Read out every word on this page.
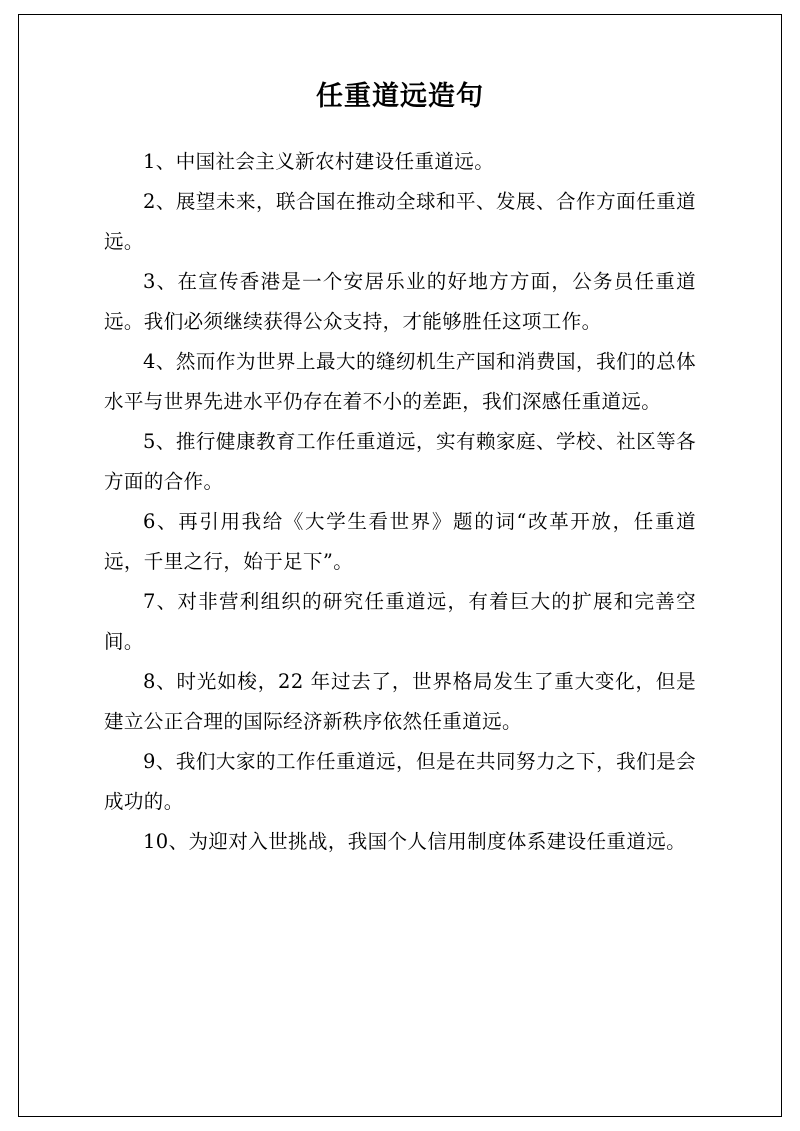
任重道远造句

1、中国社会主义新农村建设任重道远。

2、展望未来，联合国在推动全球和平、发展、合作方面任重道远。

3、在宣传香港是一个安居乐业的好地方方面，公务员任重道远。我们必须继续获得公众支持，才能够胜任这项工作。

4、然而作为世界上最大的缝纫机生产国和消费国，我们的总体水平与世界先进水平仍存在着不小的差距，我们深感任重道远。

5、推行健康教育工作任重道远，实有赖家庭、学校、社区等各方面的合作。

6、再引用我给《大学生看世界》题的词“改革开放，任重道远，千里之行，始于足下”。

7、对非营利组织的研究任重道远，有着巨大的扩展和完善空间。

8、时光如梭，22 年过去了，世界格局发生了重大变化，但是建立公正合理的国际经济新秩序依然任重道远。

9、我们大家的工作任重道远，但是在共同努力之下，我们是会成功的。

10、为迎对入世挑战，我国个人信用制度体系建设任重道远。
